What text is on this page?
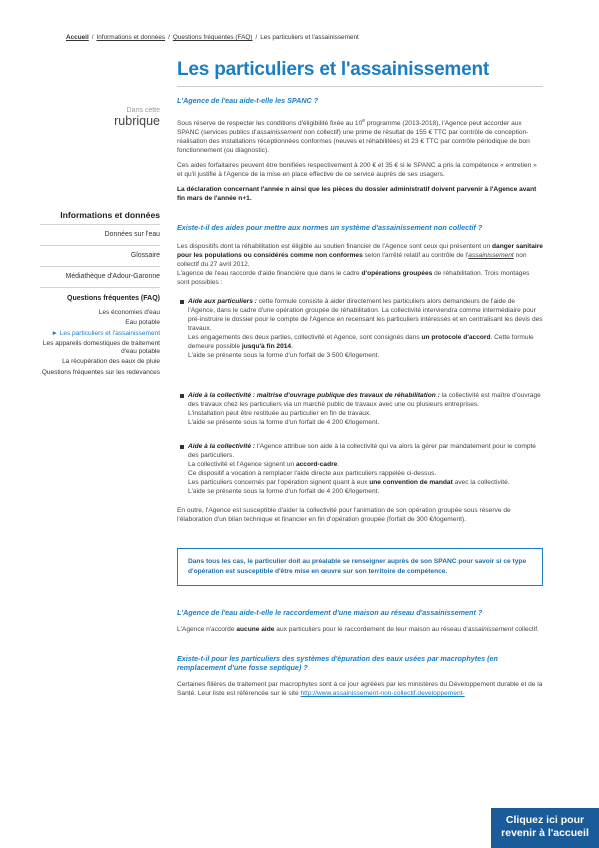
Accueil / Informations et données / Questions fréquentes (FAQ) / Les particuliers et l'assainissement
Les particuliers et l'assainissement
Dans cette
rubrique
Informations et données
Données sur l'eau
Glossaire
Médiathèque d'Adour-Garonne
Questions fréquentes (FAQ)
Les économies d'eau
Eau potable
► Les particuliers et l'assainissement
Les appareils domestiques de traitement d'eau potable
La récupération des eaux de pluie
Questions fréquentes sur les redevances
L'Agence de l'eau aide-t-elle les SPANC ?
Sous réserve de respecter les conditions d'éligibilité fixée au 10e programme (2013-2018), l'Agence peut accorder aux SPANC (services publics d'assainissement non collectif) une prime de résultat de 155 € TTC par contrôle de conception-réalisation des installations réceptionnées conformes (neuves et réhabilitées) et 23 € TTC par contrôle périodique de bon fonctionnement (ou diagnostic).
Ces aides forfaitaires peuvent être bonifiées respectivement à 200 € et 35 € si le SPANC a pris la compétence « entretien » et qu'il justifie à l'Agence de la mise en place effective de ce service auprès de ses usagers.
La déclaration concernant l'année n ainsi que les pièces du dossier administratif doivent parvenir à l'Agence avant fin mars de l'année n+1.
Existe-t-il des aides pour mettre aux normes un système d'assainissement non collectif ?
Les dispositifs dont la réhabilitation est éligible au soutien financier de l'Agence sont ceux qui présentent un danger sanitaire pour les populations ou considérés comme non conformes selon l'arrêté relatif au contrôle de l'assainissement non collectif du 27 avril 2012.
L'agence de l'eau raccorde d'aide financière que dans le cadre d'opérations groupées de réhabilitation. Trois montages sont possibles :
Aide aux particuliers : cette formule consiste à aider directement les particuliers alors demandeurs de l'aide de l'Agence, dans le cadre d'une opération groupée de réhabilitation. La collectivité interviendra comme intermédiaire pour pré-instruire le dossier pour le compte de l'Agence en recensant les particuliers intéressés et en centralisant les devis des travaux.
Les engagements des deux parties, collectivité et Agence, sont consignés dans un protocole d'accord. Cette formule demeure possible jusqu'à fin 2014.
L'aide se présente sous la forme d'un forfait de 3 500 €/logement.
Aide à la collectivité : maîtrise d'ouvrage publique des travaux de réhabilitation : la collectivité est maître d'ouvrage des travaux chez les particuliers via un marché public de travaux avec une ou plusieurs entreprises.
L'installation peut être restituée au particulier en fin de travaux.
L'aide se présente sous la forme d'un forfait de 4 200 €/logement.
Aide à la collectivité : l'Agence attribue son aide à la collectivité qui va alors la gérer par mandatement pour le compte des particuliers.
La collectivité et l'Agence signent un accord-cadre.
Ce dispositif a vocation à remplacer l'aide directe aux particuliers rappelée ci-dessus.
Les particuliers concernés par l'opération signent quant à eux une convention de mandat avec la collectivité.
L'aide se présente sous la forme d'un forfait de 4 200 €/logement.
En outre, l'Agence est susceptible d'aider la collectivité pour l'animation de son opération groupée sous réserve de l'élaboration d'un bilan technique et financier en fin d'opération groupée (forfait de 300 €/logement).
Dans tous les cas, le particulier doit au préalable se renseigner auprès de son SPANC pour savoir si ce type d'opération est susceptible d'être mise en œuvre sur son territoire de compétence.
L'Agence de l'eau aide-t-elle le raccordement d'une maison au réseau d'assainissement ?
L'Agence n'accorde aucune aide aux particuliers pour le raccordement de leur maison au réseau d'assainissement collectif.
Existe-t-il pour les particuliers des systèmes d'épuration des eaux usées par macrophytes (en remplacement d'une fosse septique) ?
Certaines filières de traitement par macrophytes sont à ce jour agréées par les ministères du Développement durable et de la Santé. Leur liste est référencée sur le site http://www.assainissement-non-collectif.developpement-
Cliquez ici pour revenir à l'accueil
